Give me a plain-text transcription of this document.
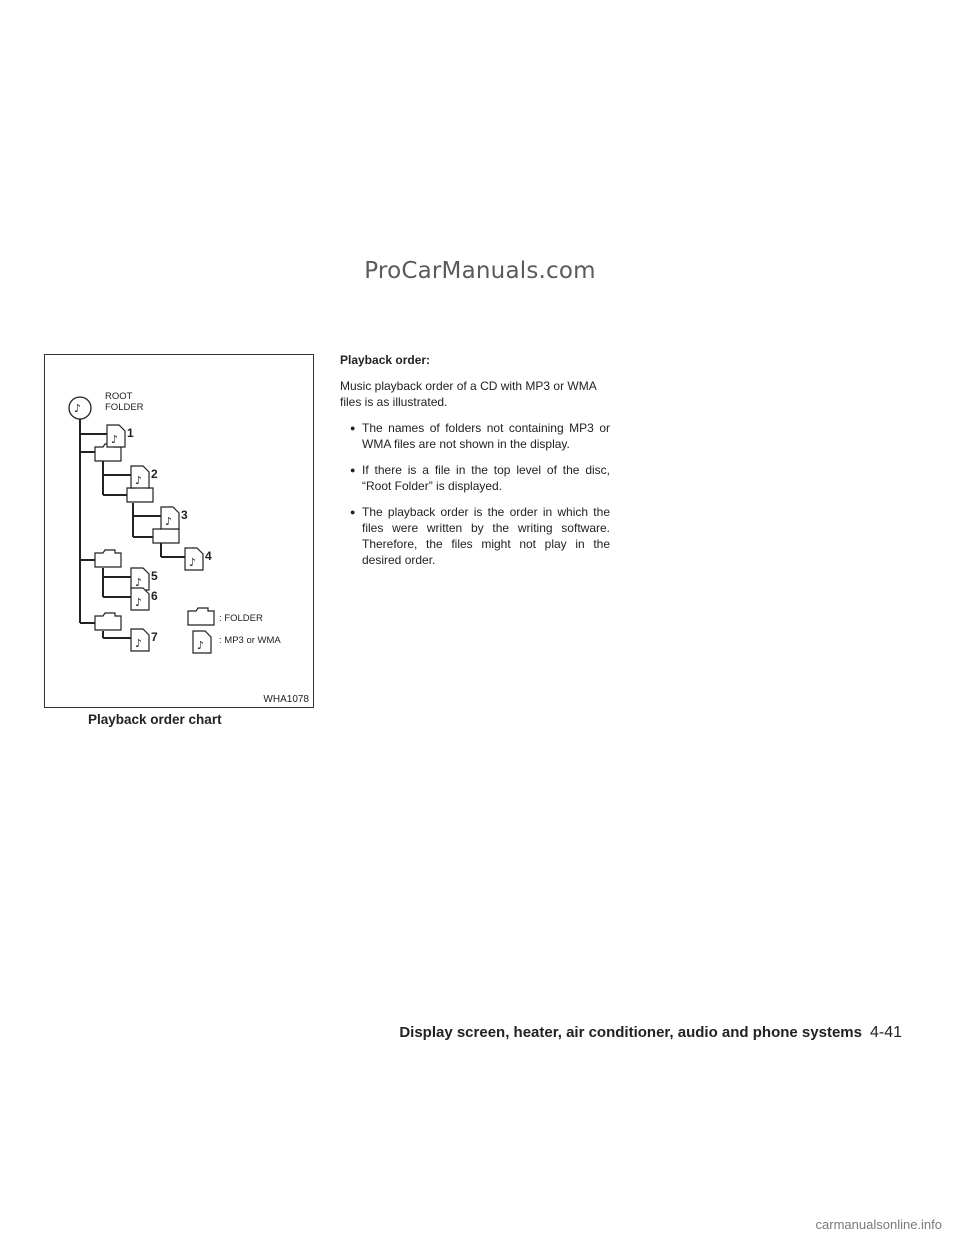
ProCarManuals.com
♪
♪
♪
♪
♪
♪
♪
♪	♪
1
2
3
4
5
6
7
ROOT
FOLDER
: FOLDER
: MP3 or WMA
WHA1078
Playback order chart

Playback order:

Music playback order of a CD with MP3 or WMA files is as illustrated.

● The names of folders not containing MP3 or WMA files are not shown in the display.
● If there is a file in the top level of the disc, “Root Folder” is displayed.
● The playback order is the order in which the files were written by the writing software. Therefore, the files might not play in the desired order.
Display screen, heater, air conditioner, audio and phone systems 4-41
carmanualsonline.info
